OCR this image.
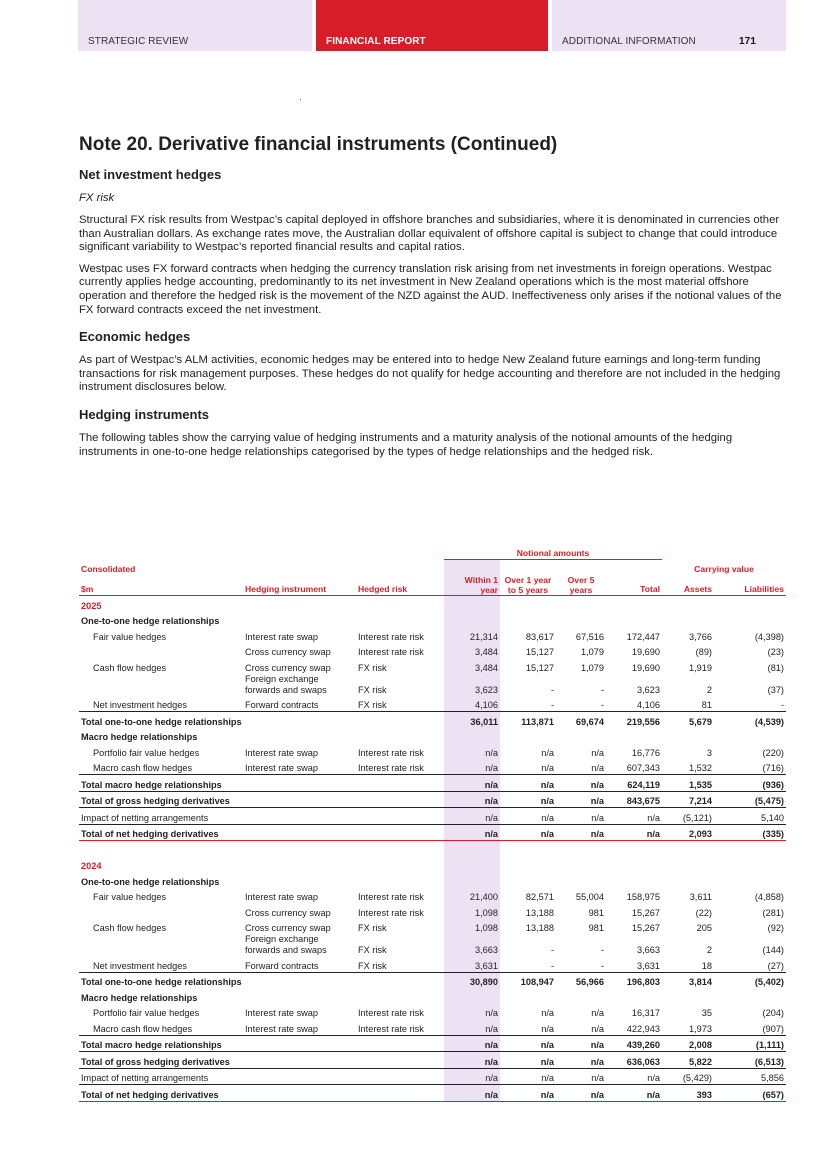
STRATEGIC REVIEW	FINANCIAL REPORT	ADDITIONAL INFORMATION	171
Note 20. Derivative financial instruments (Continued)
Net investment hedges
FX risk

Structural FX risk results from Westpac’s capital deployed in offshore branches and subsidiaries, where it is denominated in currencies other than Australian dollars. As exchange rates move, the Australian dollar equivalent of offshore capital is subject to change that could introduce significant variability to Westpac’s reported financial results and capital ratios.

Westpac uses FX forward contracts when hedging the currency translation risk arising from net investments in foreign operations. Westpac currently applies hedge accounting, predominantly to its net investment in New Zealand operations which is the most material offshore operation and therefore the hedged risk is the movement of the NZD against the AUD. Ineffectiveness only arises if the notional values of the FX forward contracts exceed the net investment.

Economic hedges

As part of Westpac’s ALM activities, economic hedges may be entered into to hedge New Zealand future earnings and long-term funding transactions for risk management purposes. These hedges do not qualify for hedge accounting and therefore are not included in the hedging instrument disclosures below.

Hedging instruments

The following tables show the carrying value of hedging instruments and a maturity analysis of the notional amounts of the hedging instruments in one-to-one hedge relationships categorised by the types of hedge relationships and the hedged risk.

			Notional amounts					
Consolidated							Carrying value	
$m	Hedging instrument	Hedged risk	Within 1 year	Over 1 year to 5 years	Over 5 years	Total	Assets	Liabilities
2025								
One-to-one hedge relationships								
Fair value hedges	Interest rate swap	Interest rate risk	21,314	83,617	67,516	172,447	3,766	(4,398)
	Cross currency swap	Interest rate risk	3,484	15,127	1,079	19,690	(89)	(23)
Cash flow hedges	Cross currency swap	FX risk	3,484	15,127	1,079	19,690	1,919	(81)

	Foreign exchange
forwards and swaps	FX risk	3,623	-	-	3,623	2	(37)
Net investment hedges	Forward contracts	FX risk	4,106	-	-	4,106	81	-
Total one-to-one hedge relationships			36,011	113,871	69,674	219,556	5,679	(4,539)
Macro hedge relationships								
Portfolio fair value hedges	Interest rate swap	Interest rate risk	n/a	n/a	n/a	16,776	3	(220)
Macro cash flow hedges	Interest rate swap	Interest rate risk	n/a	n/a	n/a	607,343	1,532	(716)
Total macro hedge relationships			n/a	n/a	n/a	624,119	1,535	(936)
Total of gross hedging derivatives			n/a	n/a	n/a	843,675	7,214	(5,475)
Impact of netting arrangements			n/a	n/a	n/a	n/a	(5,121)	5,140
Total of net hedging derivatives			n/a	n/a	n/a	n/a	2,093	(335)

2024								
One-to-one hedge relationships								
Fair value hedges	Interest rate swap	Interest rate risk	21,400	82,571	55,004	158,975	3,611	(4,858)
	Cross currency swap	Interest rate risk	1,098	13,188	981	15,267	(22)	(281)
Cash flow hedges	Cross currency swap	FX risk	1,098	13,188	981	15,267	205	(92)

	Foreign exchange
forwards and swaps	FX risk	3,663	-	-	3,663	2	(144)
Net investment hedges	Forward contracts	FX risk	3,631	-	-	3,631	18	(27)
Total one-to-one hedge relationships			30,890	108,947	56,966	196,803	3,814	(5,402)
Macro hedge relationships								
Portfolio fair value hedges	Interest rate swap	Interest rate risk	n/a	n/a	n/a	16,317	35	(204)
Macro cash flow hedges	Interest rate swap	Interest rate risk	n/a	n/a	n/a	422,943	1,973	(907)
Total macro hedge relationships			n/a	n/a	n/a	439,260	2,008	(1,111)
Total of gross hedging derivatives			n/a	n/a	n/a	636,063	5,822	(6,513)
Impact of netting arrangements			n/a	n/a	n/a	n/a	(5,429)	5,856
Total of net hedging derivatives			n/a	n/a	n/a	n/a	393	(657)
